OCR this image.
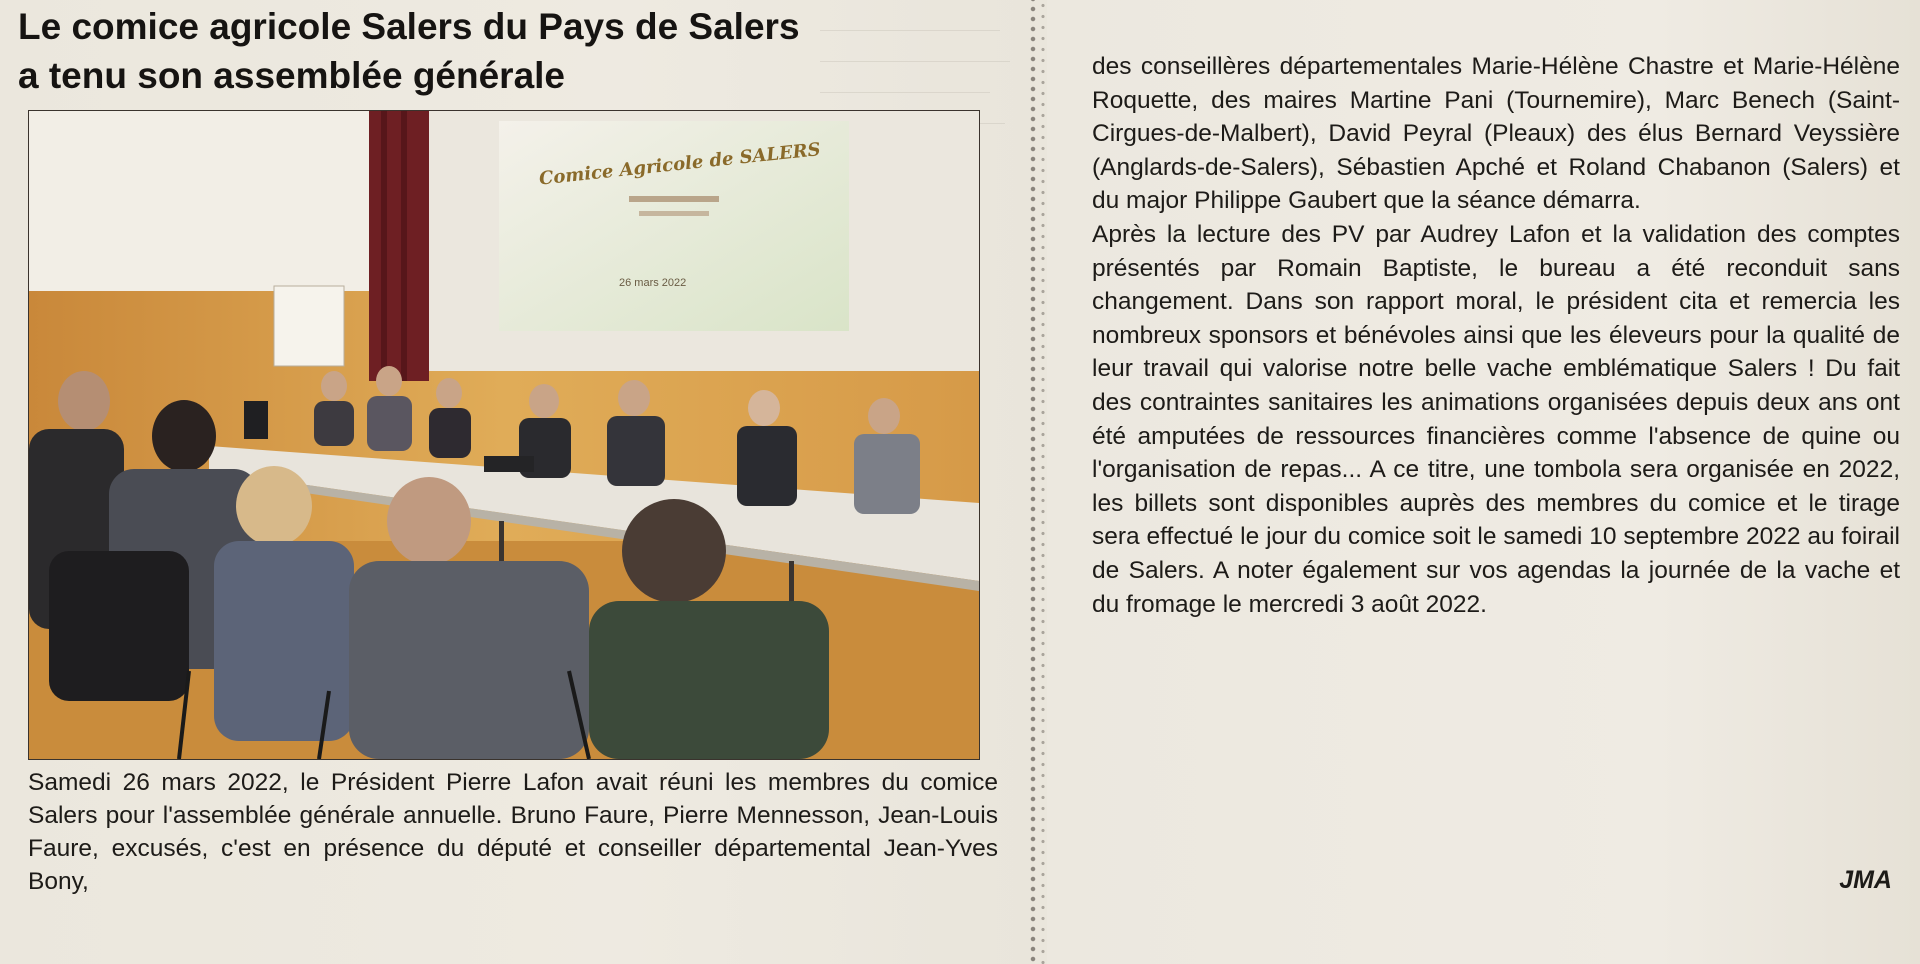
Le comice agricole Salers du Pays de Salers
a tenu son assemblée générale
Comice Agricole de SALERS
26 mars 2022

Samedi 26 mars 2022, le Président Pierre Lafon avait réuni les membres du comice Salers pour l'assemblée générale annuelle. Bruno Faure, Pierre Mennesson, Jean-Louis Faure, excusés, c'est en présence du député et conseiller départemental Jean-Yves Bony,

des conseillères départementales Marie-Hélène Chastre et Marie-Hélène Roquette, des maires Martine Pani (Tournemire), Marc Benech (Saint-Cirgues-de-Malbert), David Peyral (Pleaux) des élus Bernard Veyssière (Anglards-de-Salers), Sébastien Apché et Roland Chabanon (Salers) et du major Philippe Gaubert que la séance démarra.
Après la lecture des PV par Audrey Lafon et la validation des comptes présentés par Romain Baptiste, le bureau a été reconduit sans changement. Dans son rapport moral, le président cita et remercia les nombreux sponsors et bénévoles ainsi que les éleveurs pour la qualité de leur travail qui valorise notre belle vache emblématique Salers ! Du fait des contraintes sanitaires les animations organisées depuis deux ans ont été amputées de ressources financières comme l'absence de quine ou l'organisation de repas... A ce titre, une tombola sera organisée en 2022, les billets sont disponibles auprès des membres du comice et le tirage sera effectué le jour du comice soit le samedi 10 septembre 2022 au foirail de Salers. A noter également sur vos agendas la journée de la vache et du fromage le mercredi 3 août 2022.

JMA
